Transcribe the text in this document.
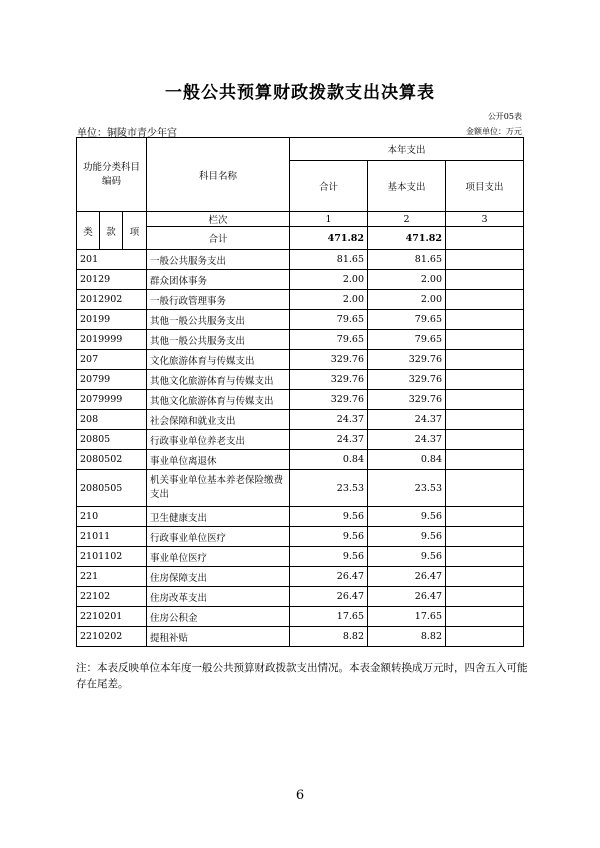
一般公共预算财政拨款支出决算表
公开05表
单位：铜陵市青少年宫	金额单位：万元
功能分类科目编码			科目名称	本年支出		
				合计	基本支出	项目支出
类	款	项	栏次	1	2	3
			合计	471.82	471.82	
201			一般公共服务支出	81.65	81.65	
20129			群众团体事务	2.00	2.00	
2012902			一般行政管理事务	2.00	2.00	
20199			其他一般公共服务支出	79.65	79.65	
2019999			其他一般公共服务支出	79.65	79.65	
207			文化旅游体育与传媒支出	329.76	329.76	
20799			其他文化旅游体育与传媒支出	329.76	329.76	
2079999			其他文化旅游体育与传媒支出	329.76	329.76	
208			社会保障和就业支出	24.37	24.37	
20805			行政事业单位养老支出	24.37	24.37	
2080502			事业单位离退休	0.84	0.84	
2080505			机关事业单位基本养老保险缴费支出	23.53	23.53	
210			卫生健康支出	9.56	9.56	
21011			行政事业单位医疗	9.56	9.56	
2101102			事业单位医疗	9.56	9.56	
221			住房保障支出	26.47	26.47	
22102			住房改革支出	26.47	26.47	
2210201			住房公积金	17.65	17.65	
2210202			提租补贴	8.82	8.82	
注：本表反映单位本年度一般公共预算财政拨款支出情况。本表金额转换成万元时，四舍五入可能存在尾差。
6
